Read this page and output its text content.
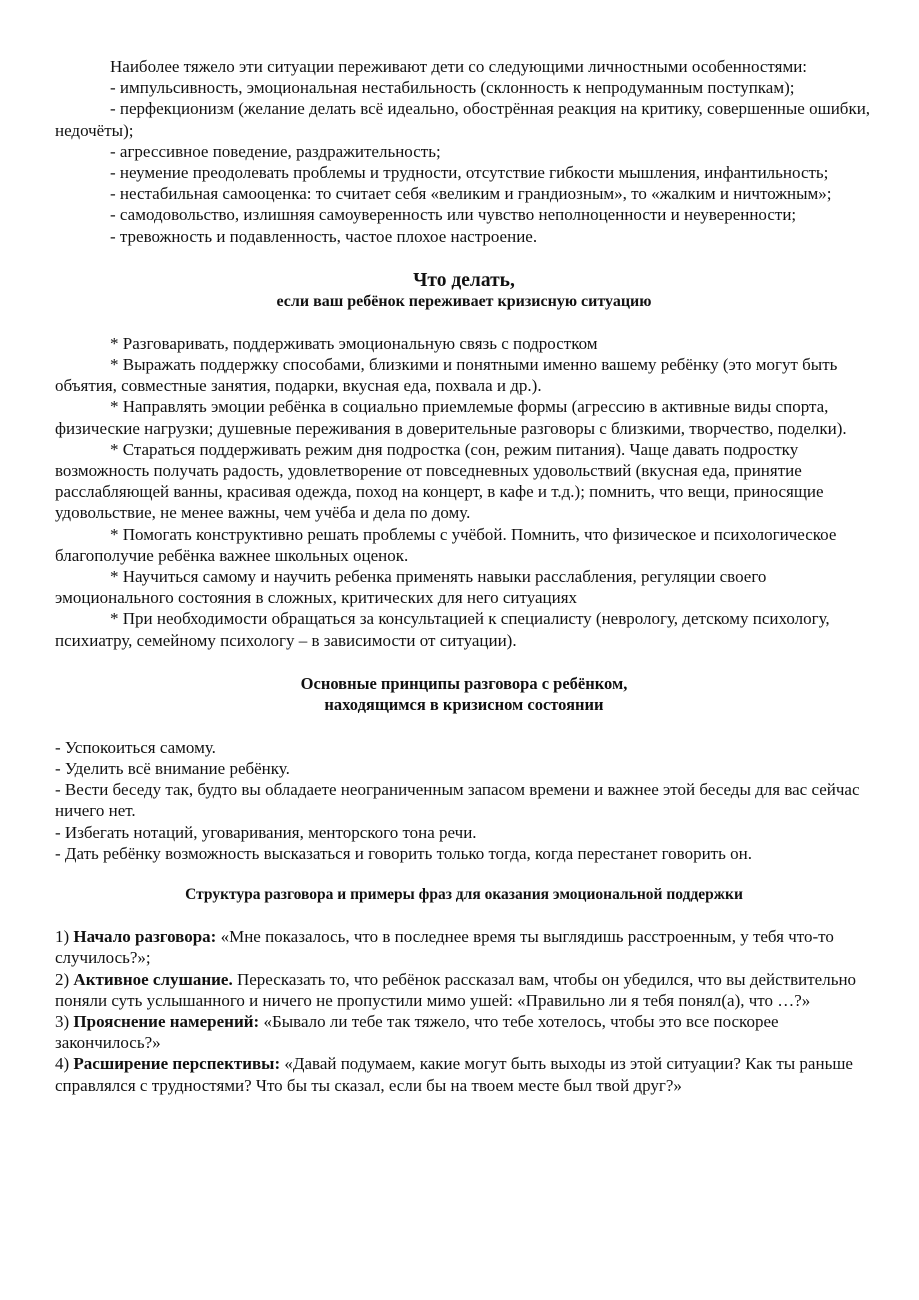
Наиболее тяжело эти ситуации переживают дети со следующими личностными особенностями:

- импульсивность, эмоциональная нестабильность (склонность к непродуманным поступкам);

- перфекционизм (желание делать всё идеально, обострённая реакция на критику, совершенные ошибки, недочёты);

- агрессивное поведение, раздражительность;

- неумение преодолевать проблемы и трудности, отсутствие гибкости мышления, инфантильность;

- нестабильная самооценка: то считает себя «великим и грандиозным», то «жалким и ничтожным»;

- самодовольство, излишняя самоуверенность или чувство неполноценности и неуверенности;

- тревожность и подавленность, частое плохое настроение.

Что делать,

если ваш ребёнок переживает кризисную ситуацию

* Разговаривать, поддерживать эмоциональную связь с подростком

* Выражать поддержку способами, близкими и понятными именно вашему ребёнку (это могут быть объятия, совместные занятия, подарки, вкусная еда, похвала и др.).

* Направлять эмоции ребёнка в социально приемлемые формы (агрессию в активные виды спорта, физические нагрузки; душевные переживания в доверительные разговоры с близкими, творчество, поделки).

* Стараться поддерживать режим дня подростка (сон, режим питания). Чаще давать подростку возможность получать радость, удовлетворение от повседневных удовольствий (вкусная еда, принятие расслабляющей ванны, красивая одежда, поход на концерт, в кафе и т.д.); помнить, что вещи, приносящие удовольствие, не менее важны, чем учёба и дела по дому.

* Помогать конструктивно решать проблемы с учёбой. Помнить, что физическое и психологическое благополучие ребёнка важнее школьных оценок.

* Научиться самому и научить ребенка применять навыки расслабления, регуляции своего эмоционального состояния в сложных, критических для него ситуациях

* При необходимости обращаться за консультацией к специалисту (неврологу, детскому психологу, психиатру, семейному психологу – в зависимости от ситуации).

Основные принципы разговора с ребёнком,

находящимся в кризисном состоянии

- Успокоиться самому.

- Уделить всё внимание ребёнку.

- Вести беседу так, будто вы обладаете неограниченным запасом времени и важнее этой беседы для вас сейчас ничего нет.

- Избегать нотаций, уговаривания, менторского тона речи.

- Дать ребёнку возможность высказаться и говорить только тогда, когда перестанет говорить он.

Структура разговора и примеры фраз для оказания эмоциональной поддержки

1) Начало разговора: «Мне показалось, что в последнее время ты выглядишь расстроенным, у тебя что-то случилось?»;

2) Активное слушание. Пересказать то, что ребёнок рассказал вам, чтобы он убедился, что вы действительно поняли суть услышанного и ничего не пропустили мимо ушей: «Правильно ли я тебя понял(а), что …?»

3) Прояснение намерений: «Бывало ли тебе так тяжело, что тебе хотелось, чтобы это все поскорее закончилось?»

4) Расширение перспективы: «Давай подумаем, какие могут быть выходы из этой ситуации? Как ты раньше справлялся с трудностями? Что бы ты сказал, если бы на твоем месте был твой друг?»
